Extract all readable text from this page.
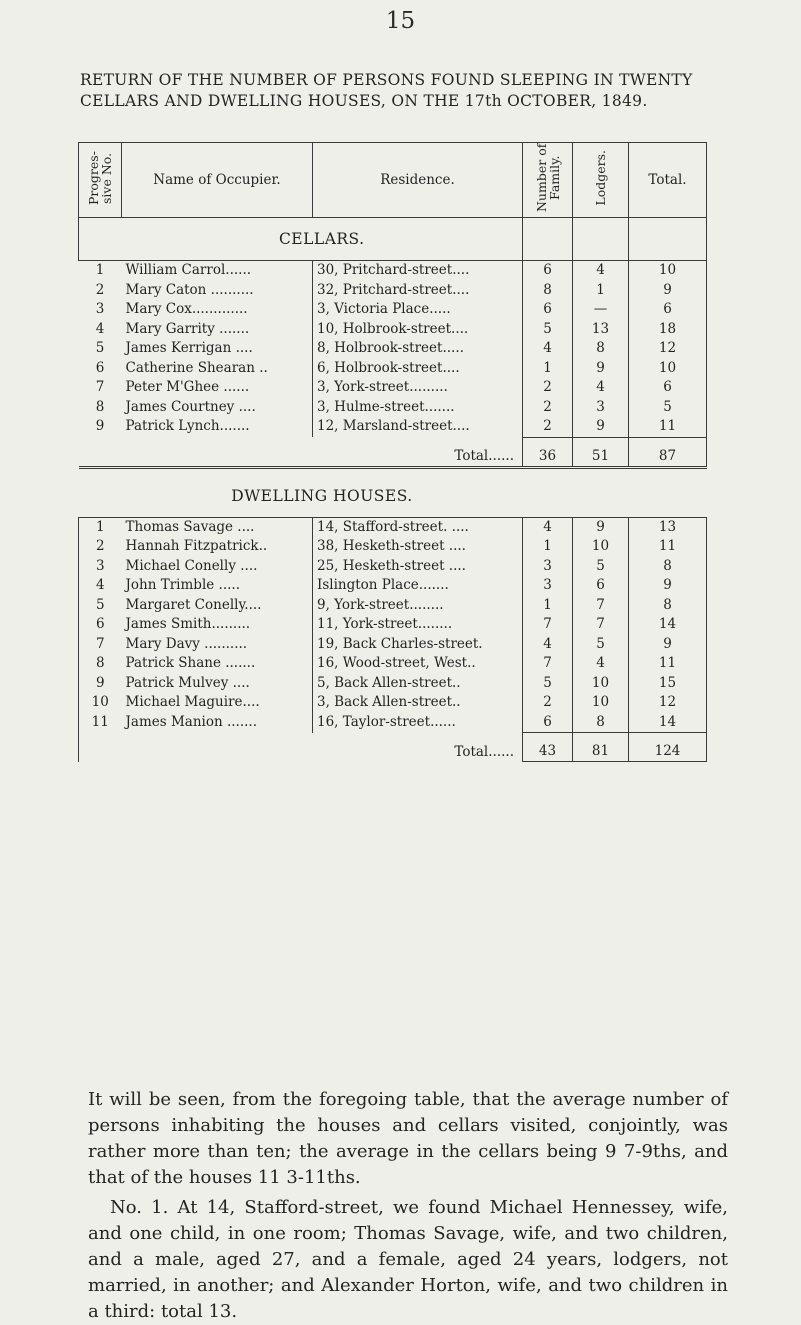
15
RETURN OF THE NUMBER OF PERSONS FOUND SLEEPING IN TWENTY CELLARS AND DWELLING HOUSES, ON THE 17th OCTOBER, 1849.
Progres-sive No.	Name of Occupier.	Residence.	Number of Family.	Lodgers.	Total.
	CELLARS.				
1	William Carrol......	30, Pritchard-street....	6	4	10
2	Mary Caton ..........	32, Pritchard-street....	8	1	9
3	Mary Cox.............	3, Victoria Place.....	6	—	6
4	Mary Garrity .......	10, Holbrook-street....	5	13	18
5	James Kerrigan ....	8, Holbrook-street.....	4	8	12
6	Catherine Shearan ..	6, Holbrook-street....	1	9	10
7	Peter M'Ghee ......	3, York-street.........	2	4	6
8	James Courtney ....	3, Hulme-street.......	2	3	5
9	Patrick Lynch.......	12, Marsland-street....	2	9	11
	Total......		36	51	87

	DWELLING HOUSES.				
1	Thomas Savage ....	14, Stafford-street. ....	4	9	13
2	Hannah Fitzpatrick..	38, Hesketh-street ....	1	10	11
3	Michael Conelly ....	25, Hesketh-street ....	3	5	8
4	John Trimble .....	Islington Place.......	3	6	9
5	Margaret Conelly....	9, York-street........	1	7	8
6	James Smith.........	11, York-street........	7	7	14
7	Mary Davy ..........	19, Back Charles-street.	4	5	9
8	Patrick Shane .......	16, Wood-street, West..	7	4	11
9	Patrick Mulvey ....	5, Back Allen-street..	5	10	15
10	Michael Maguire....	3, Back Allen-street..	2	10	12
11	James Manion .......	16, Taylor-street......	6	8	14
	Total......		43	81	124
It will be seen, from the foregoing table, that the average number of persons inhabiting the houses and cellars visited, conjointly, was rather more than ten; the average in the cellars being 9 7-9ths, and that of the houses 11 3-11ths.
No. 1. At 14, Stafford-street, we found Michael Hennessey, wife, and one child, in one room; Thomas Savage, wife, and two children, and a male, aged 27, and a female, aged 24 years, lodgers, not married, in another; and Alexander Horton, wife, and two children in a third: total 13.
